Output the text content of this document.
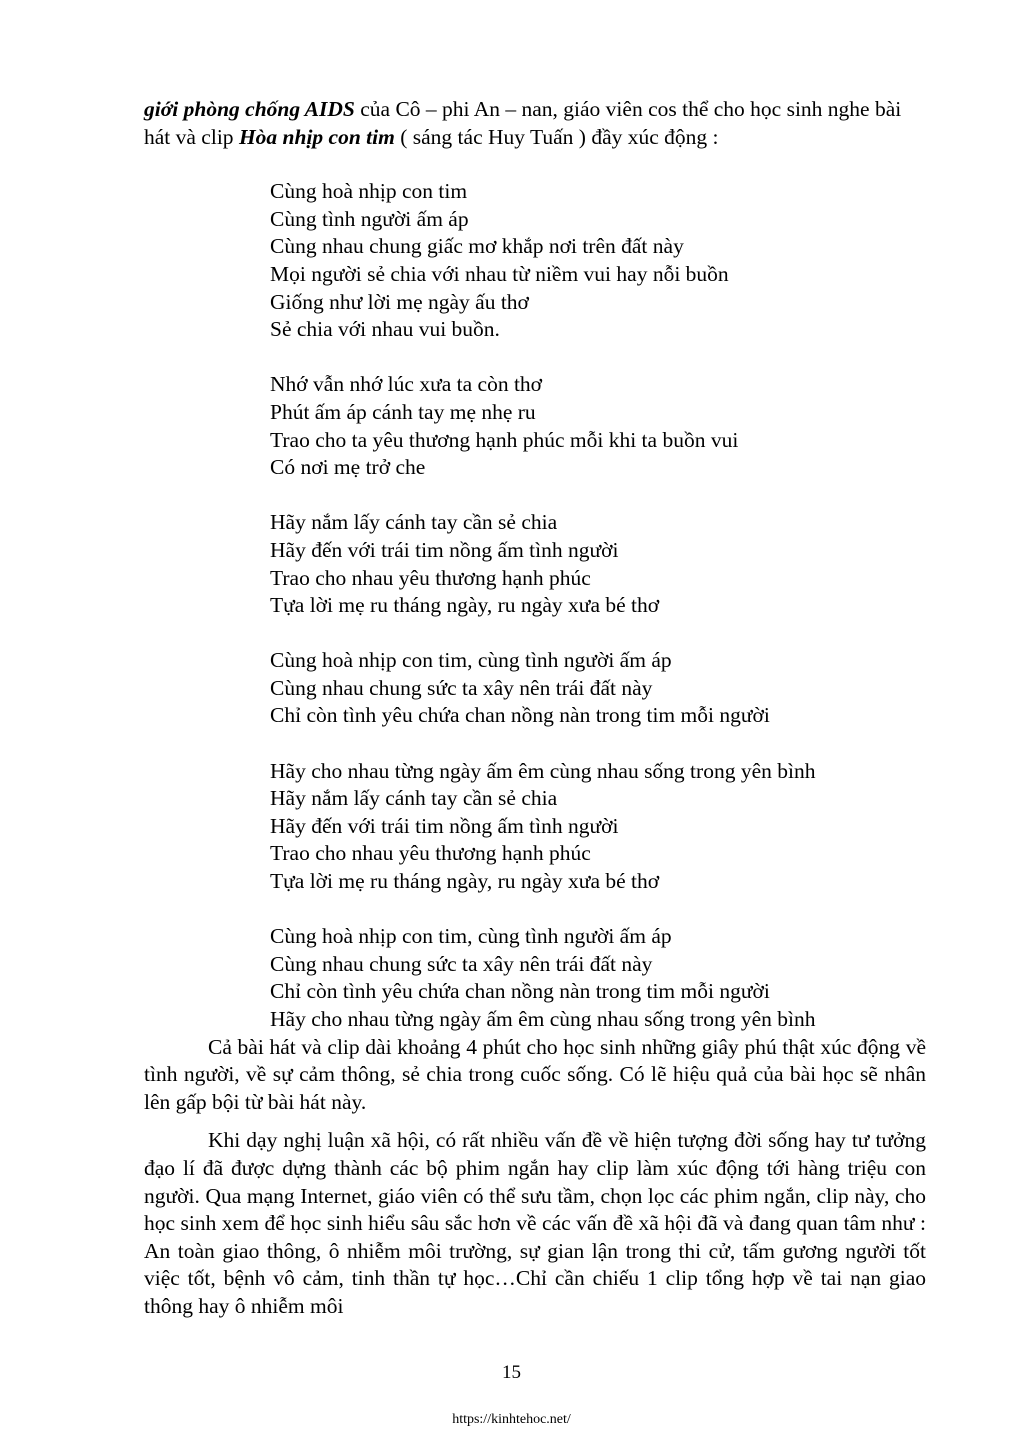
giới phòng chống AIDS của Cô – phi An – nan, giáo viên cos thể cho học sinh nghe bài hát và clip Hòa nhịp con tim ( sáng tác Huy Tuấn ) đầy xúc động :

Cùng hoà nhịp con tim
Cùng tình người ấm áp
Cùng nhau chung giấc mơ khắp nơi trên đất này
Mọi người sẻ chia với nhau từ niềm vui hay nỗi buồn
Giống như lời mẹ ngày ấu thơ
Sẻ chia với nhau vui buồn.
Nhớ vẫn nhớ lúc xưa ta còn thơ
Phút ấm áp cánh tay mẹ nhẹ ru
Trao cho ta yêu thương hạnh phúc mỗi khi ta buồn vui
Có nơi mẹ trở che
Hãy nắm lấy cánh tay cần sẻ chia
Hãy đến với trái tim nồng ấm tình người
Trao cho nhau yêu thương hạnh phúc
Tựa lời mẹ ru tháng ngày, ru ngày xưa bé thơ
Cùng hoà nhịp con tim, cùng tình người ấm áp
Cùng nhau chung sức ta xây nên trái đất này
Chỉ còn tình yêu chứa chan nồng nàn trong tim mỗi người
Hãy cho nhau từng ngày ấm êm cùng nhau sống trong yên bình
Hãy nắm lấy cánh tay cần sẻ chia
Hãy đến với trái tim nồng ấm tình người
Trao cho nhau yêu thương hạnh phúc
Tựa lời mẹ ru tháng ngày, ru ngày xưa bé thơ
Cùng hoà nhịp con tim, cùng tình người ấm áp
Cùng nhau chung sức ta xây nên trái đất này
Chỉ còn tình yêu chứa chan nồng nàn trong tim mỗi người
Hãy cho nhau từng ngày ấm êm cùng nhau sống trong yên bình

Cả bài hát và clip dài khoảng 4 phút cho học sinh những giây phú thật xúc động về tình người, về sự cảm thông, sẻ chia trong cuốc sống. Có lẽ hiệu quả của bài học sẽ nhân lên gấp bội từ bài hát này.

Khi dạy nghị luận xã hội, có rất nhiều vấn đề về hiện tượng đời sống hay tư tưởng đạo lí đã được dựng thành các bộ phim ngắn hay clip làm xúc động tới hàng triệu con người. Qua mạng Internet, giáo viên có thể sưu tầm, chọn lọc các phim ngắn, clip này, cho học sinh xem để học sinh hiểu sâu sắc hơn về các vấn đề xã hội đã và đang quan tâm như : An toàn giao thông, ô nhiễm môi trường, sự gian lận trong thi cử, tấm gương người tốt việc tốt, bệnh vô cảm, tinh thần tự học…Chỉ cần chiếu 1 clip tổng hợp về tai nạn giao thông hay ô nhiễm môi

15
https://kinhtehoc.net/
